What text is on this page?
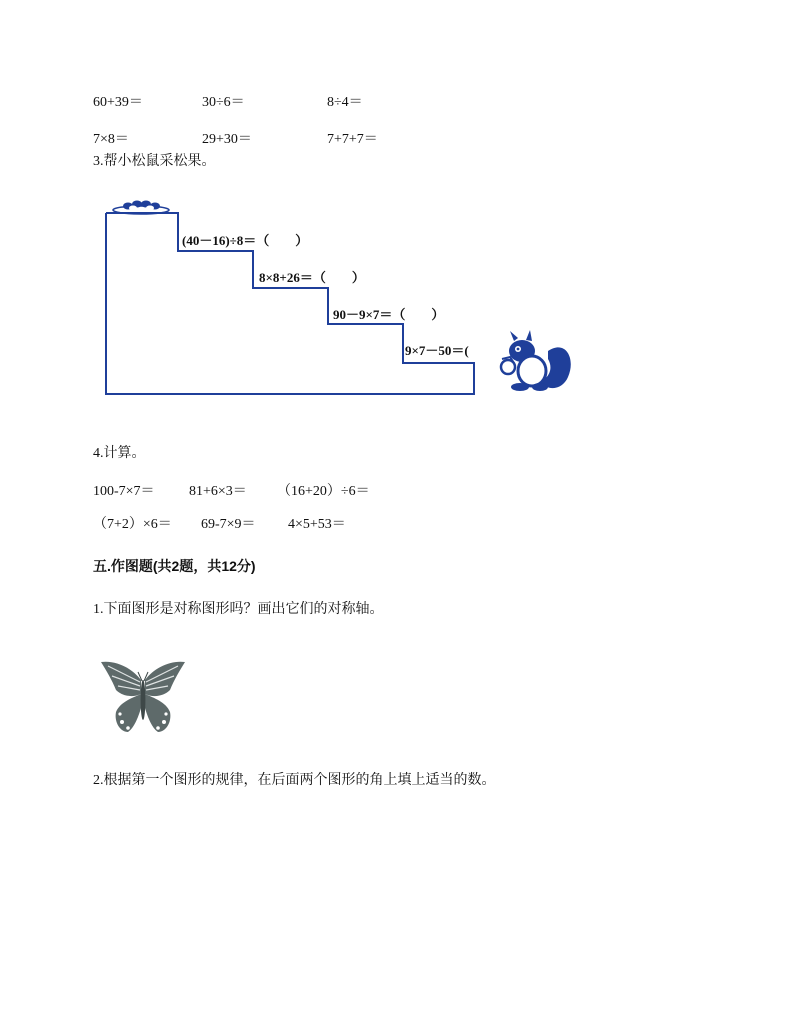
60+39＝	30÷6＝	8÷4＝
7×8＝	29+30＝	7+7+7＝
3.帮小松鼠采松果。
(40－16)÷8＝（　　）
8×8+26＝（　　）
90－9×7＝（　　）
9×7－50＝(
4.计算。
100-7×7＝ 81+6×3＝ （16+20）÷6＝
（7+2）×6＝ 69-7×9＝ 4×5+53＝
五.作图题(共2题，共12分)
1.下面图形是对称图形吗？画出它们的对称轴。
2.根据第一个图形的规律，在后面两个图形的角上填上适当的数。
